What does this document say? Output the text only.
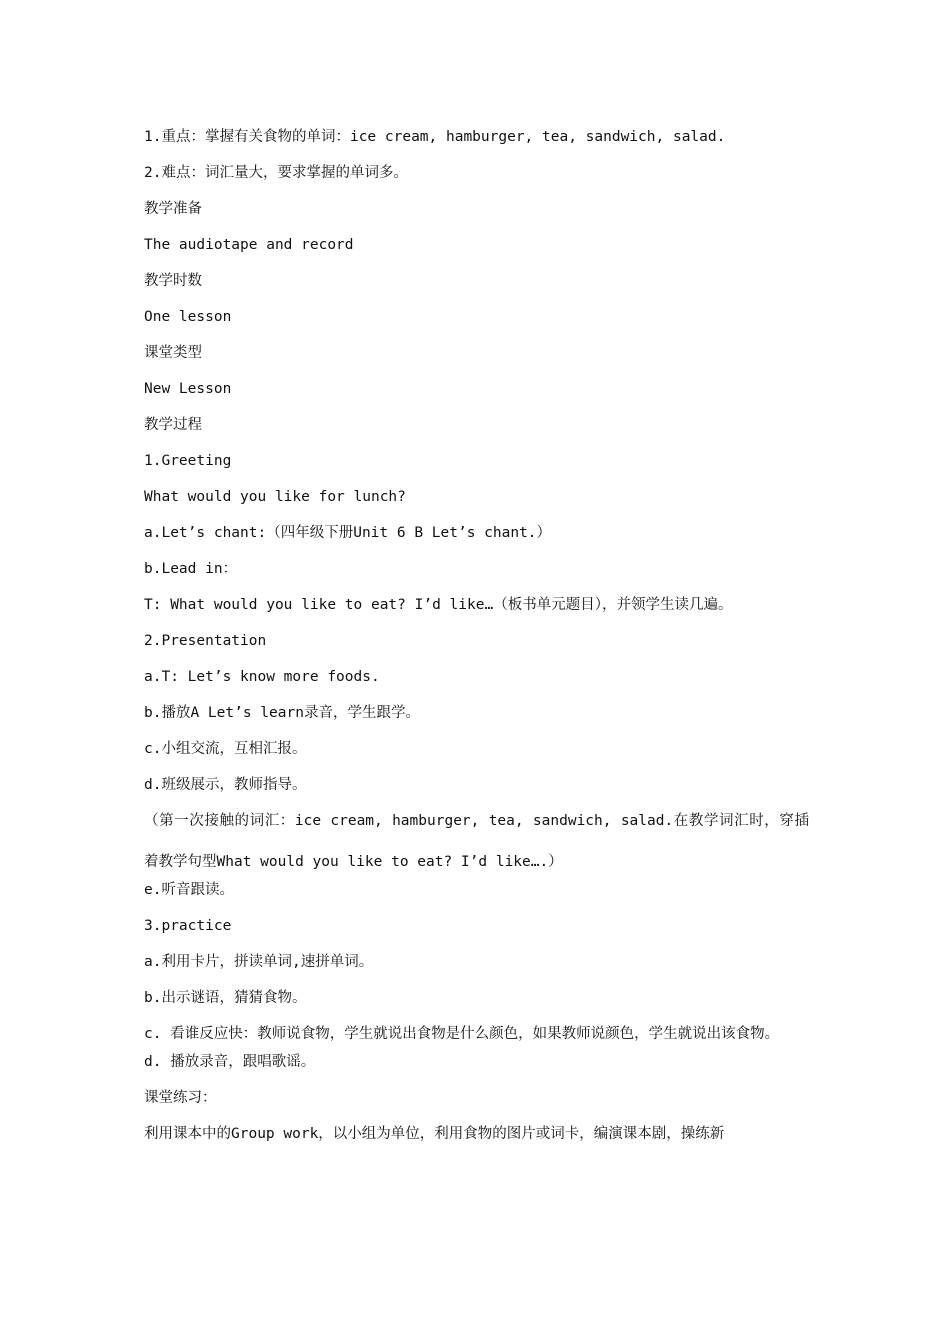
1.重点：掌握有关食物的单词：ice cream, hamburger, tea, sandwich, salad.
2.难点：词汇量大，要求掌握的单词多。
教学准备
The audiotape and record
教学时数
One lesson
课堂类型
New Lesson
教学过程
1.Greeting
What would you like for lunch?
a.Let’s chant:（四年级下册Unit 6 B Let’s chant.）
b.Lead in：
T: What would you like to eat? I’d like…（板书单元题目），并领学生读几遍。
2.Presentation
a.T: Let’s know more foods.
b.播放A Let’s learn录音，学生跟学。
c.小组交流，互相汇报。
d.班级展示，教师指导。
（第一次接触的词汇：ice cream, hamburger, tea, sandwich, salad.在教学词汇时，穿插着教学句型What would you like to eat? I’d like….）
e.听音跟读。
3.practice
a.利用卡片，拼读单词,速拼单词。
b.出示谜语，猜猜食物。
c. 看谁反应快：教师说食物，学生就说出食物是什么颜色，如果教师说颜色，学生就说出该食物。
d. 播放录音，跟唱歌谣。
课堂练习：
利用课本中的Group work，以小组为单位，利用食物的图片或词卡，编演课本剧，操练新
